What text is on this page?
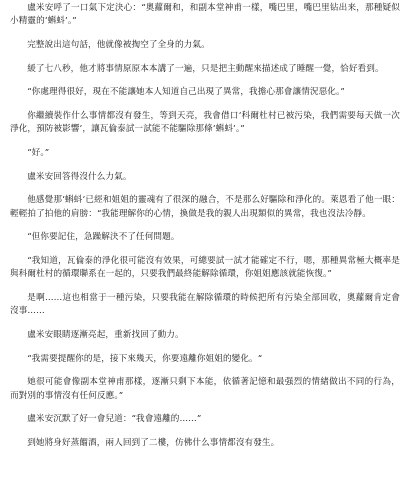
盧米安呼了一口氣下定決心：“奧蘿爾和，和副本堂神甫一樣，嘴巴里，嘴巴里钻出来，那種疑似小精靈的‘蝌蚪’。”

完整說出這句話，他就像被掏空了全身的力氣。

緩了七八秒，他才將事情原原本本講了一遍，只是把主動醒來描述成了睡醒一覺，恰好看到。

“你處理得很好，現在不能讓她本人知道自己出現了異常，我擔心那會讓情況惡化。”

你繼續裝作什么事情都沒有發生，等到天亮，我會借口‘科爾杜村已被污染，我們需要每天做一次淨化，預防被影響’，讓瓦倫泰試一試能不能驅除那條‘蝌蚪’。”

“好。”

盧米安回答得沒什么力氣。

他感覺那‘蝌蚪’已經和姐姐的靈魂有了很深的融合，不是那么好驅除和淨化的。萊恩看了他一眼：輕輕拍了拍他的肩膀：“我能理解你的心情，換做是我的親人出現類似的異常，我也沒法冷靜。

“但你要記住，急躁解決不了任何問題。

“我知道，瓦倫泰的淨化很可能沒有效果，可總要試一試才能確定不行，嗯，那種異常極大概率是與科爾杜村的循環聯系在一起的，只要我們最終能解除循環，你姐姐應該就能恢復。”

是啊……這也相當于一種污染，只要我能在解除循環的時候把所有污染全部回收，奧蘿爾肯定會沒事……

盧米安眼睛逐漸亮起，重新找回了動力。

“我需要提醒你的是，接下來幾天，你要遠離你姐姐的變化。“

她很可能會像副本堂神甫那樣，逐漸只剩下本能，依循著記憶和最强烈的情緒做出不同的行為，而對別的事情沒有任何反應。”

盧米安沉默了好一會兒道：“我會遠離的……”

到她將身好蒸餾酒，兩人回到了二樓，仿佛什么事情都沒有發生。
